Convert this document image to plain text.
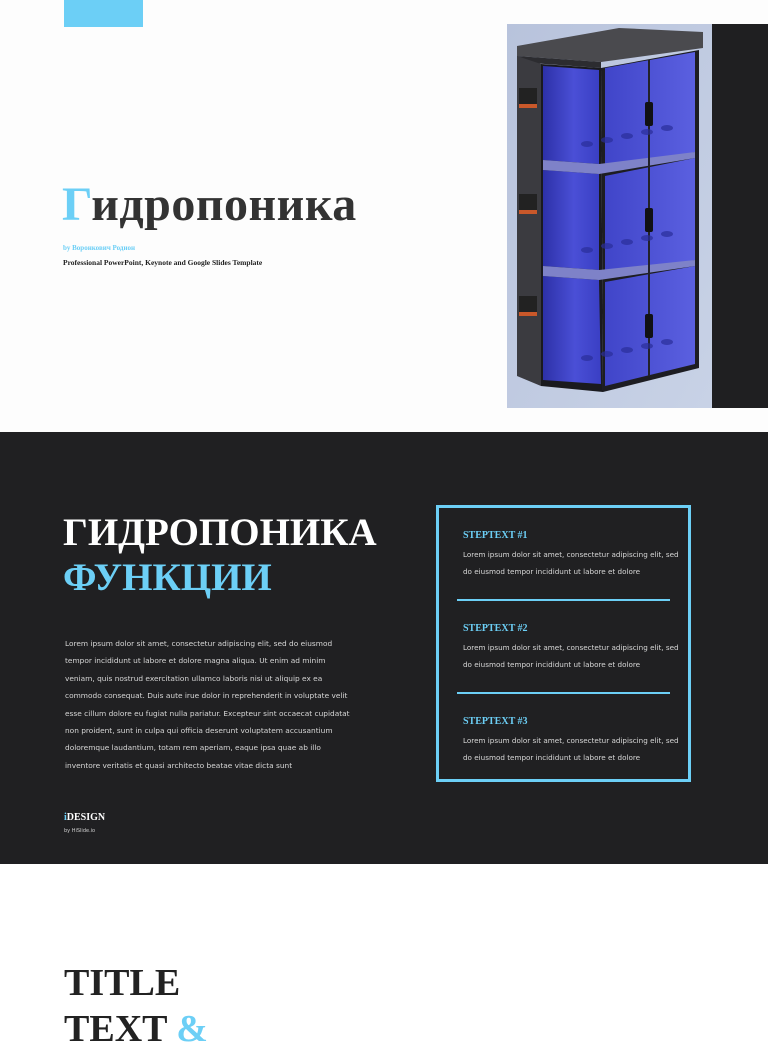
Гидропоника
by Воронкович Родион
Professional PowerPoint, Keynote and Google Slides Template
ГИДРОПОНИКА
ФУНКЦИИ

Lorem ipsum dolor sit amet, consectetur adipiscing elit, sed do eiusmod tempor incididunt ut labore et dolore magna aliqua. Ut enim ad minim veniam, quis nostrud exercitation ullamco laboris nisi ut aliquip ex ea commodo consequat. Duis aute irue dolor in reprehenderit in voluptate velit esse cillum dolore eu fugiat nulla pariatur. Excepteur sint occaecat cupidatat non proident, sunt in culpa qui officia deserunt voluptatem accusantium doloremque laudantium, totam rem aperiam, eaque ipsa quae ab illo inventore veritatis et quasi architecto beatae vitae dicta sunt

iDESIGN
by HiSlide.io
STEPTEXT #1
Lorem ipsum dolor sit amet, consectetur adipiscing elit, sed do eiusmod tempor incididunt ut labore et dolore
STEPTEXT #2
Lorem ipsum dolor sit amet, consectetur adipiscing elit, sed do eiusmod tempor incididunt ut labore et dolore
STEPTEXT #3
Lorem ipsum dolor sit amet, consectetur adipiscing elit, sed do eiusmod tempor incididunt ut labore et dolore
TITLE
TEXT &
